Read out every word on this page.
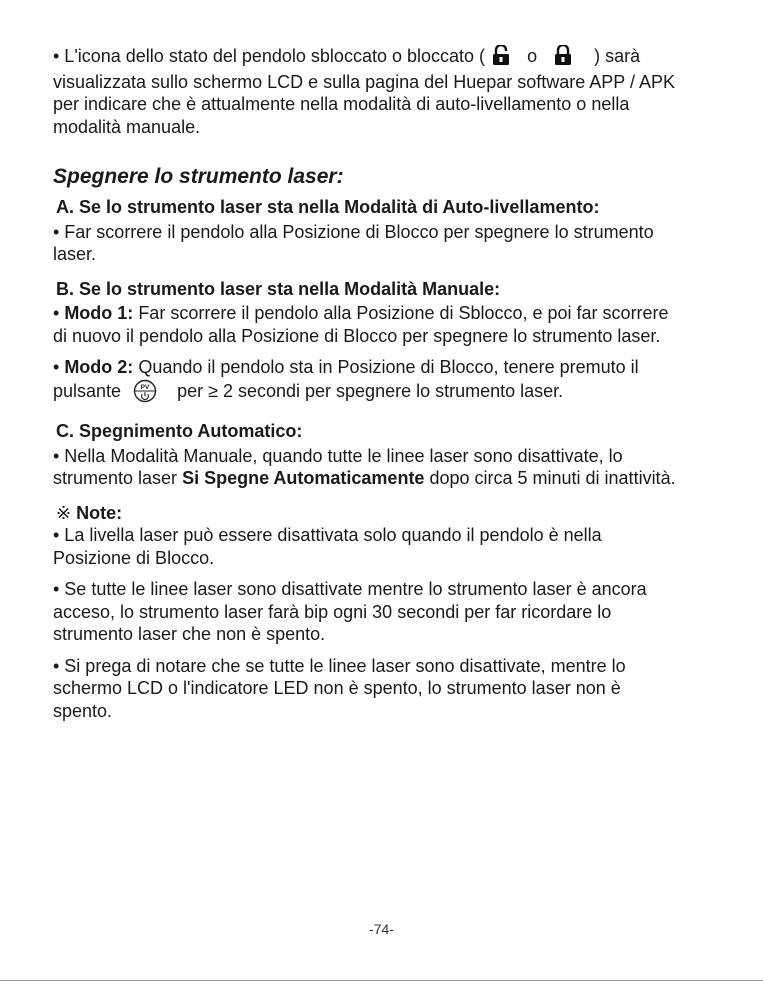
• L'icona dello stato del pendolo sbloccato o bloccato ( o	) sarà visualizzata sullo schermo LCD e sulla pagina del Huepar software APP / APK per indicare che è attualmente nella modalità di auto-livellamento o nella modalità manuale.

Spegnere lo strumento laser:

A. Se lo strumento laser sta nella Modalità di Auto-livellamento:

• Far scorrere il pendolo alla Posizione di Blocco per spegnere lo strumento laser.

B. Se lo strumento laser sta nella Modalità Manuale:

• Modo 1: Far scorrere il pendolo alla Posizione di Sblocco, e poi far scorrere di nuovo il pendolo alla Posizione di Blocco per spegnere lo strumento laser.

• Modo 2: Quando il pendolo sta in Posizione di Blocco, tenere premuto il pulsante	PV per ≥ 2 secondi per spegnere lo strumento laser.

C. Spegnimento Automatico:

• Nella Modalità Manuale, quando tutte le linee laser sono disattivate, lo strumento laser Si Spegne Automaticamente dopo circa 5 minuti di inattività.

※ Note:

• La livella laser può essere disattivata solo quando il pendolo è nella Posizione di Blocco.

• Se tutte le linee laser sono disattivate mentre lo strumento laser è ancora acceso, lo strumento laser farà bip ogni 30 secondi per far ricordare lo strumento laser che non è spento.

• Si prega di notare che se tutte le linee laser sono disattivate, mentre lo schermo LCD o l'indicatore LED non è spento, lo strumento laser non è spento.

-74-
